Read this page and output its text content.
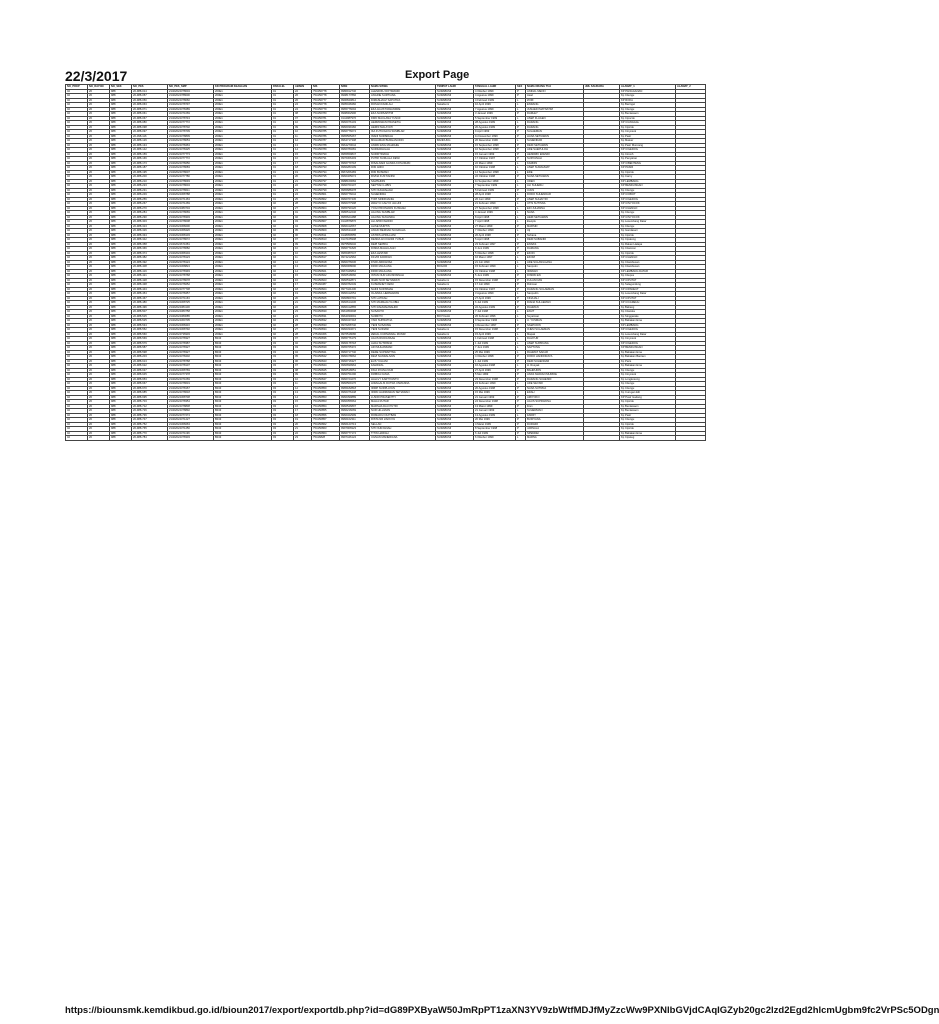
22/3/2017	Export Page
NO_PROP	NO_RAYON	NO_SEK	NO_PES	NO_PES_SMP	KD PROGRAM KEAHLIAN	PARALEL	ABSEN	NIS	NISN	NAMA SISWA	TEMPAT LAHIR	TANGGAL LAHIR	SEX	NAMA ORANG TUA	JML SAUDARA	ALAMAT_1	ALAMAT_2
02	20	988	20-988-014	21402024378004	200E1	01	22	754150778	9986912746	ALENDIKU DOTIRANDI	SURABUMI	4 Oktober 1999	P	ANIDAL MEON		KP PANGGANAN	
02	20	988	20-988-057	21402024788000	200E1	01	26	754150778	9998177866	ANGINE SURTIANA	SURABUMI	4 Agustus 1999	P	Asari		Kp Citengu	
02	20	988	20-988-050	21402024378060	200E1	01	26	754150777	9996840812	DIMASHAUZ SAPUTRA	SURABUMI	4 Februari 1999	L	ZORI		KP ROKA	
02	20	988	20-988-063	21402024378797	200E1	01	24	754150778	9995048482	ROSAN FADILAH	Sukabumi	10 April 1999	L	ENDANG		Kp Baringut	
02	20	988	20-988-071	21402024378489	200E1	01	24	754150779	9965776094	EKA AGUSTIAWANDRE	SURABUMI	7 Agustus 1999	L	JUNAEDI MATNATIM		Kp Citengu	
02	20	988	20-988-061	21402024371069	200E1	01	08	754150780	9998002996	EKA NURSAPITRI	SURABUMI	3 Januari 1999	P	DARLEY		Kp Bentawaon	
02	20	988	20-988-067	21402024378743	200E1	01	07	754150781	0144987976	FIRD MAULANA YUSUF	SURABUMI	5 September 1999	L	ASEP FLAGEN		Kp Cipocok	
02	20	988	20-988-080	21402024377772	200E1	01	10	754150783	9966076103	HERMAWAN PRASETIA	SURABUMI	28 Agustus 1999	L	DADANG		KP CIANGGAL	
02	20	988	20-988-098	21402024378702	200E1	01	09	754150784	9966039182	HERNI MALAYATI	SURABUMI	20 Agustus 1999	P	DADANG		Kp Cipicok	
02	20	988	20-988-097	21402024378709	200E1	01	10	754150785	9966776074	IKA FUTUIGAYA SUMBLAR	SURABUMI	9 April 1999	P	SULAEMAN		Kp Cinyosok	
02	20	988	20-098-116	21402024378809	200E1	01	11	754150786	9965565267	INANI NURSIDAH	SURABUMI	11 Desember 1999	P	HANA SETIAWAN		Kp Pasir	
02	20	988	20-988-126	21402024378053	200E1	01	12	754150787	9964717308	MUHAMAD BURHANUDIN	BANDUNG	26 Desember 1996	L	SUHENDAR		Kp Maleer	
02	20	988	20-988-134	21402024378463	200E1	01	13	754150788	9964270044	ANDIN ENG MAHDHIE	SURABUMI	15 September 1998	P	DEDI SETIAWAN		Kp Pasir Muncang	
02	20	988	20-988-142	21402024378425	200E1	01	14	754150789	9966780281	NURFADHILAH	SURABUMI	16 September 1998	P	ADE SAEPULOH		KP CIGEDOG	
02	20	988	20-988-159	21402024377773	200E1	01	15	754150790	9965659847	NURFITRIANA	SURABUMI	15 Januari 1999	P	HENDRIK EFENDI		Kp Cincoh	
02	20	988	20-988-166	21402024377772	200E1	01	16	754150791	9976306403	PUTRI NURLALA DEWI	SURABUMI	17 Oktober 1997	P	SURYANAH		Kp Panyairan	
02	20	988	20-988-173	21402024378250	200E1	01	17	754150792	9966779718	RISALNADI GANDA KOSUDHIN	SURABUMI	22 Maret 1999	L	KARDIN		KP CIBENTENG	
02	20	988	20-988-187	21402024378083	200E1	01	18	754150793	9966283109	RIKI ADIKI	SURABUMI	10 Oktober 1998	L	ASEP SURAHMAT		KP PASIR	
02	20	988	20-988-195	21402024378007	200E1	01	19	754150794	9967206483	RIKI BUSMAN	SURABUMI	14 September 1998	L	EDE		Kp Cipicok	
02	20	988	20-988-200	21402024377780	200E1	01	20	754150795	9966465074	RIVNA KUSTIANINI	SURABUMI	22 Oktober 1998	P	NANA SETIAWAN		Kp Carny	
02	20	988	20-988-210	21402024378093	200E1	01	21	754150797	9988169684	SAMSUDIN	SURABUMI	11 September 1999	L	UDEN		KP LEMBANG	
02	20	988	20-988-223	21402024378004	200E1	01	22	754150799	9966760107	SEPTIAN LUBIS	SURABUMI	7 September 1999	L	ALI SUHERLI		KP BENDUNGAN	
02	20	988	20-988-231	21402024378611	200E1	01	23	754150799	9965688478	SITI NUGRAHAHI	SURABUMI	5 Februari 1999	P	UJUN		Kp Citengu	
02	20	988	20-988-249	21402024368788	200E1	01	24	754150801	9966776044	SUHENDRA	SURABUMI	28 April 1998	L	DODO SUHENDAR		KP CIOBOT	
02	20	988	20-988-256	21402024371463	200E1	01	25	754150802	9966767445	TOPI SRIDIKIANIH	SURABUMI	26 Juni 1999	P	ASEP SUHAIYRI		KP CIGEDOG	
02	20	988	20-988-267	21402024371269	200E1	02	28	754150803	9966377998	WAHYU CAHYO JALUNI	SURABUMI	21 Februari 1999	L	UTIS SUTISNA		KP CINYOCOK	
02	20	988	20-988-270	21402024380704	200E1	02	27	754150804	9965790126	YOGI PRIONWAN KUSNAEI	SURABUMI	27 September 1998	L	EDI JUHANNA		KP CILENGO	
02	20	988	20-988-284	21402024378069	200E1	02	01	754150805	9986512246	AGUNG SUMBLAR	SURABUMI	4 Januari 1999	L	NANA		Kp Citengu	
02	20	988	20-988-290	21402024378303	200E1	02	02	754150806	9965624488	AGUNG SUNANDA	SURABUMI	8 April 1998	L	HERI SETIAWAN		KP CINYOCOK	
02	20	988	20-988-303	21402024378008	200E1	02	03	754150807	0142876876	ALI APRIYAHRIDI	SURABUMI	7 April 1998	L	Ewoplu		Kp Lesembang Datar	
02	20	988	20-988-313	21402024368200	200E1	02	04	754150808	9966412067	ALISE MURTIS	SURABUMI	27 Maret 1999	P	MARSID		Kp Citengu	
02	20	988	20-988-326	21402024368426	200E1	02	05	754150809	9966634438	ANGKI BERNAN NUGRAHA	SURABUMI	7 Oktober 1999	L	Uji		Kp Gandasari	
02	20	988	20-988-334	21402024368103	200E1	02	06	754150811	0148059555	ASTRIS APRILLIANI	SURABUMI	26 April 1998	P	Suhana		Kp Cipicok	
02	20	988	20-988-342	21402024378072	200E1	02	07	754150813	0147165908	DENDA AN KIANDI YUSUF	SURABUMI	5 April 1998	L	DEDI SUBANDI		Kp Cipatong	
02	20	988	20-988-358	21402024671681	200E1	02	09	754150814	9975566032	DEPI SEPRIA	SURABUMI	23 Februari 1997	P	ENNAS		Kp Rakan Halapa	
02	20	988	20-988-366	21402024378682	200E1	02	10	754150815	9966771826	DINDA MAHLILAGN	SURABUMI	9 Juni 1999	P	DAMANG		Kp Citamcai	
02	20	988	20-988-374	21402024368104	200E1	02	10	754150816	9965387047	EKA LESTARI	SURABUMI	5 Oktober 1998	P	EKON		Kp Cipicok	
02	20	988	20-988-382	21402024378123	200E1	02	11	754150817	9974212962	FILVIR FADRIAN	SURABUMI	16 Maret 1997	L	EKOM		KP CILENGO	
02	20	988	20-988-392	21402024378124	200E1	02	12	754150818	9966376636	FIVRI ARDIANSA	SURABUMI	21 Juli 1999	L	ADE SULANGGANA		Kp Citambusan	
02	20	988	20-988-408	21402024368824	200E1	02	13	754150819	9966068090	FIKRI MAULANA	BOGOR	15 Februari 1999	L	Sanputin		Kp Citambusan	
02	20	988	20-988-416	21402024378393	200E1	02	14	754150821	9967446864	FIKRI MAULANA	SURABUMI	31 Oktober 1998	L	IRAWAN		KP LEMBANG DATAR	
02	20	988	20-988-421	21402024378768	200E1	02	15	754150822	9966518660	INTAN NUR ADUNNSINAH	SURABUMI	5 Juni 1999	P	DINDIN EN		Kp Citepus	
02	20	988	20-988-428	21402024378078	200E1	02	16	754150823	9966532871	IDHIN NUR SETIAWATI	Sukabumi	15 Desember 1998	P	FULAN DAN		KP CIPUTAT	
02	20	988	20-988-438	21402024378252	200E1	02	17	275160387	9966782249	KUSMANET DEWI	Sukabumi	17 Juli 1999	P	Rohman		Kp Selagundung	
02	20	988	20-988-443	21402024377738	200E1	02	18	754150824	9977421230	NAINI NURISMAH	SURABUMI	19 Oktober 1997	P	DADANG SULAEMAN		KP CIPANEUT	
02	20	988	20-988-454	21402024378457	200E1	02	19	754150825	9966412054	OLAIMUL HERMAWAN	SURABUMI	3 Agustus 1999	L	Sanpudin		Kp Lesembang Datar	
02	20	988	20-988-467	21402024371163	200E1	02	20	754150826	9966809791	SITI LATIFAH	SURABUMI	27 April 1999	P	KINAJALI		KP CIPUTAT	
02	20	988	20-988-480	21402024368725	200E1	02	21	754150827	9966614236	SITI MARIHALIYLOBIA	SURABUMI	6 Juli 1999	P	DIANA SULAEMAN		KP CICAREUH	
02	20	988	20-988-496	21402024384130	200E1	02	22	754150828	9966412865	SITI RAHMAHWAHIDI	SURABUMI	22 Agustus 1999	P	RAHMAN		Kp Babang	
02	20	988	20-988-507	21402024380758	200E1	02	23	754150830	9961950608	SUSANTO	SURABUMI	7 Juli 1998	L	ENUT		Kp Citamka	
02	20	988	20-988-515	21402024380085	200E1	02	24	754150831	9964030091	SURIFTO	BOYOLALI	26 Februari 1996	L	Suyatman		Kp Singgarake	
02	20	988	20-988-525	21402024360705	200E1	02	23	754150832	9966347218	YANI SUPRATNA	SURABUMI	9 September 1996	L	U. YUSMAN		Kp Babakan Ema	
02	20	988	20-988-534	21402024368416	200E1	02	28	754150833	9976208740	YENI SUSANNE	SURABUMI	4 Desember 1997	P	SAEPUDIN		KP LEMBANG	
02	20	988	20-988-552	21402024368792	200E1	02	27	754150834	9966334671	YENI SURIANI	Sukabumi	15 Desember 1998	P	OJEM SULAEMAN		KP CIGEDOG	
02	20	988	20-988-560	21402024736903	200E1	02	28	275160366	9976518086	ZENAL KURNIAWAL MUNIR	Sukabumi	15 April 1999	L	Mapak		Kp Lesembang Datar	
02	20	988	20-988-569	21402024378327	B043	03	07	754150836	9965776179	AGUS RUDIANSAH	SURABUMI	1 Februari 1998	L	DAHYUR		Kp Cinyosok	
02	20	988	20-988-579	21402024378387	B043	03	02	754150837	9966178718	ALDA SUTRISNA	SURABUMI	1 Juli 1999	L	ASEP SUPRIANA		KP CIGEDOG	
02	20	988	20-988-587	21402024378327	B043	03	03	754150839	9965765372	ARI MUHAMMAD	SURABUMI	7 Juni 1999	L	SAPTUNG		KP BENDUNGAN	
02	20	988	20-988-598	21402024378327	B043	03	04	754150841	9966717740	DEDE SUPRAPTNA	SURABUMI	25 Mei 1999	L	RAHMAT SAKAR		Kp Babakan Ema	
02	20	988	20-988-203	21402024378402	B043	03	05	754150842	9966478662	DEVI NANDALIVAN	SURABUMI	4 Oktober 1998	P	DODO HANDORAYA		Kp Babakan Bantam	
02	20	988	20-988-613	21402024378768	B043	03	06	754150843	9966716327	EUS YULIANI	SURABUMI	1 Juli 1999	P	DEDI SUHENDAR		Kp Paris	
02	20	988	20-988-622	21402024378107	B043	03	07	754150844	9966699964	FAHRIZAL	SURABUMI	16 Agustus 1998	L	H. Rusyak		Kp Babakan Ema	
02	20	988	20-988-637	21402024368769	B043	03	08	754150845	9966518651	FINA DYANA NUR	SURABUMI	27 April 1999	P	BAHRUDIN		Kp Citengu	
02	20	988	20-988-645	21402024377378	B043	03	09	754150846	9966751096	FRIBOA FANIA	SURABUMI	5 Mei 1999	P	ANAS MADIAN MURDIE		Kp Cinyosok	
02	20	988	20-988-653	21402024371069	B043	03	10	754150847	9966724276	HALLVY KARTIYANTO	SURABUMI	23 Desember 1998	P	DADANG SUHENDI		Kp Longkosong	
02	20	988	20-988-667	21402024378619	B043	03	11	754150849	9966509176	HIDAGALIS DUTRA USMANNA	SURABUMI	24 Februari 1999	L	ADE SEYADI		Kp Citengu	
02	20	988	20-988-670	21402024378167	B043	03	12	754150850	9965182818	IRDIP NURPLAYAN	SURABUMI	20 Agustus 1998	P	NANA SUTRNA		Kp Citengu	
02	20	988	20-988-685	21402024378618	B043	03	13	754150851	9966376448	IRDIN HARMAWAN SETIAWAN	SURABUMI	15 Mei 1999	L	EDAH		Kp Curugan Elit	
02	20	988	20-988-695	21402024368738	B043	03	14	754150853	9966399889	LUSIRI PRASENTTI	SURABUMI	21 Januari 1999	P	AMIYOKO		KP Pasir Gadang	
02	20	988	20-988-703	21402024378354	B043	03	15	754150853	9966356564	MALIA RUTAR	SURABUMI	24 Desember 1998	P	AGUS SUPRAKINA		Kp Cipicok	
02	20	988	20-988-712	21402024378838	B043	03	16	754150854	9966546897	MARSHA DAU PUTRI	SURABUMI	13 Maret 1999	P	Fran		Kp Bentawaon	
02	20	988	20-988-726	21402024378892	B043	03	17	754150855	9966216069	NUR HILLIZIAN	SURABUMI	21 Januari 1999	L	SUHERMAN		Kp Bentawaon	
02	20	988	20-988-736	21402024377274	B043	03	18	754150856	9966322999	ROMADIU DUITBAN	SURABUMI	13 Agustus 1999	L	FADRY		Kp Pasir	
02	20	988	20-988-747	21402024371227	B043	03	19	754150857	9966162311	RISTA NR ZAKKIYA	SURABUMI	20 Mei 1999	P	BUDIYANA		Kp Citengu	
02	20	988	20-988-752	21402024368263	B043	03	20	754150862	9966123713	SELLAN	SURABUMI	4 Maret 1999	P	DURAIDI		Kp Cipicok	
02	20	988	20-988-765	21402024371250	B043	03	21	754150863	9997906923	SITI NURJANAH	SURABUMI	8 September 1998	P	JARNALA		Kp Cipicok	
02	20	988	20-988-770	21402024371196	B043	03	22	754150864	9966777174	TITIN HARIAH	SURABUMI	6 Juli 1999	P	SPENDEI		Kp Babakan Ema	
02	20	988	20-988-784	21402024378303	B043	03	23	75416828	9997446124	UGNAN MANERIANA	SURABUMI	6 Oktober 1999	L	MARNA		Kp Cipeteg	
https://biounsmk.kemdikbud.go.id/bioun2017/export/exportdb.php?id=dG89PXByaW50JmRpPT1zaXN3YV9zbWtfMDJfMyZzcWw9PXNlbGVjdCAqIGZyb20gc2lzd2Egd2hlcmUgbm9fc2VrPSc5ODgn
